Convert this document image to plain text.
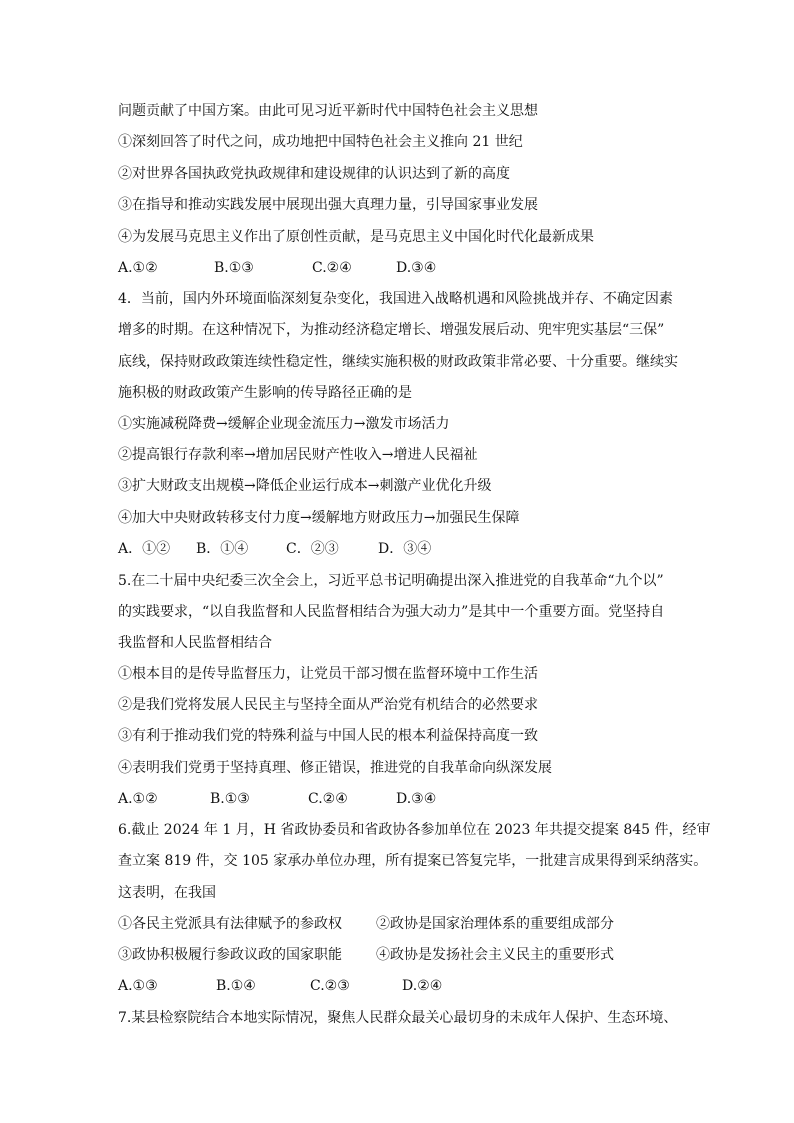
问题贡献了中国方案。由此可见习近平新时代中国特色社会主义思想
①深刻回答了时代之问，成功地把中国特色社会主义推向 21 世纪
②对世界各国执政党执政规律和建设规律的认识达到了新的高度
③在指导和推动实践发展中展现出强大真理力量，引导国家事业发展
④为发展马克思主义作出了原创性贡献，是马克思主义中国化时代化最新成果
A.①②	B.①③	C.②④	D.③④
4．当前，国内外环境面临深刻复杂变化，我国进入战略机遇和风险挑战并存、不确定因素
增多的时期。在这种情况下，为推动经济稳定增长、增强发展后动、兜牢兜实基层“三保”
底线，保持财政政策连续性稳定性，继续实施积极的财政政策非常必要、十分重要。继续实
施积极的财政政策产生影响的传导路径正确的是
①实施减税降费→缓解企业现金流压力→激发市场活力
②提高银行存款利率→增加居民财产性收入→增进人民福祉
③扩大财政支出规模→降低企业运行成本→刺激产业优化升级
④加大中央财政转移支付力度→缓解地方财政压力→加强民生保障
A．①②	B．①④	C．②③	D．③④
5.在二十届中央纪委三次全会上，习近平总书记明确提出深入推进党的自我革命“九个以”
的实践要求，“以自我监督和人民监督相结合为强大动力”是其中一个重要方面。党坚持自
我监督和人民监督相结合
①根本目的是传导监督压力，让党员干部习惯在监督环境中工作生活
②是我们党将发展人民民主与坚持全面从严治党有机结合的必然要求
③有利于推动我们党的特殊利益与中国人民的根本利益保持高度一致
④表明我们党勇于坚持真理、修正错误，推进党的自我革命向纵深发展
A.①②	B.①③	C.②④	D.③④
6.截止 2024 年 1 月，H 省政协委员和省政协各参加单位在 2023 年共提交提案 845 件，经审
查立案 819 件，交 105 家承办单位办理，所有提案已答复完毕，一批建言成果得到采纳落实。
这表明，在我国
①各民主党派具有法律赋予的参政权	②政协是国家治理体系的重要组成部分
③政协积极履行参政议政的国家职能	④政协是发扬社会主义民主的重要形式
A.①③	B.①④	C.②③	D.②④
7.某县检察院结合本地实际情况，聚焦人民群众最关心最切身的未成年人保护、生态环境、
